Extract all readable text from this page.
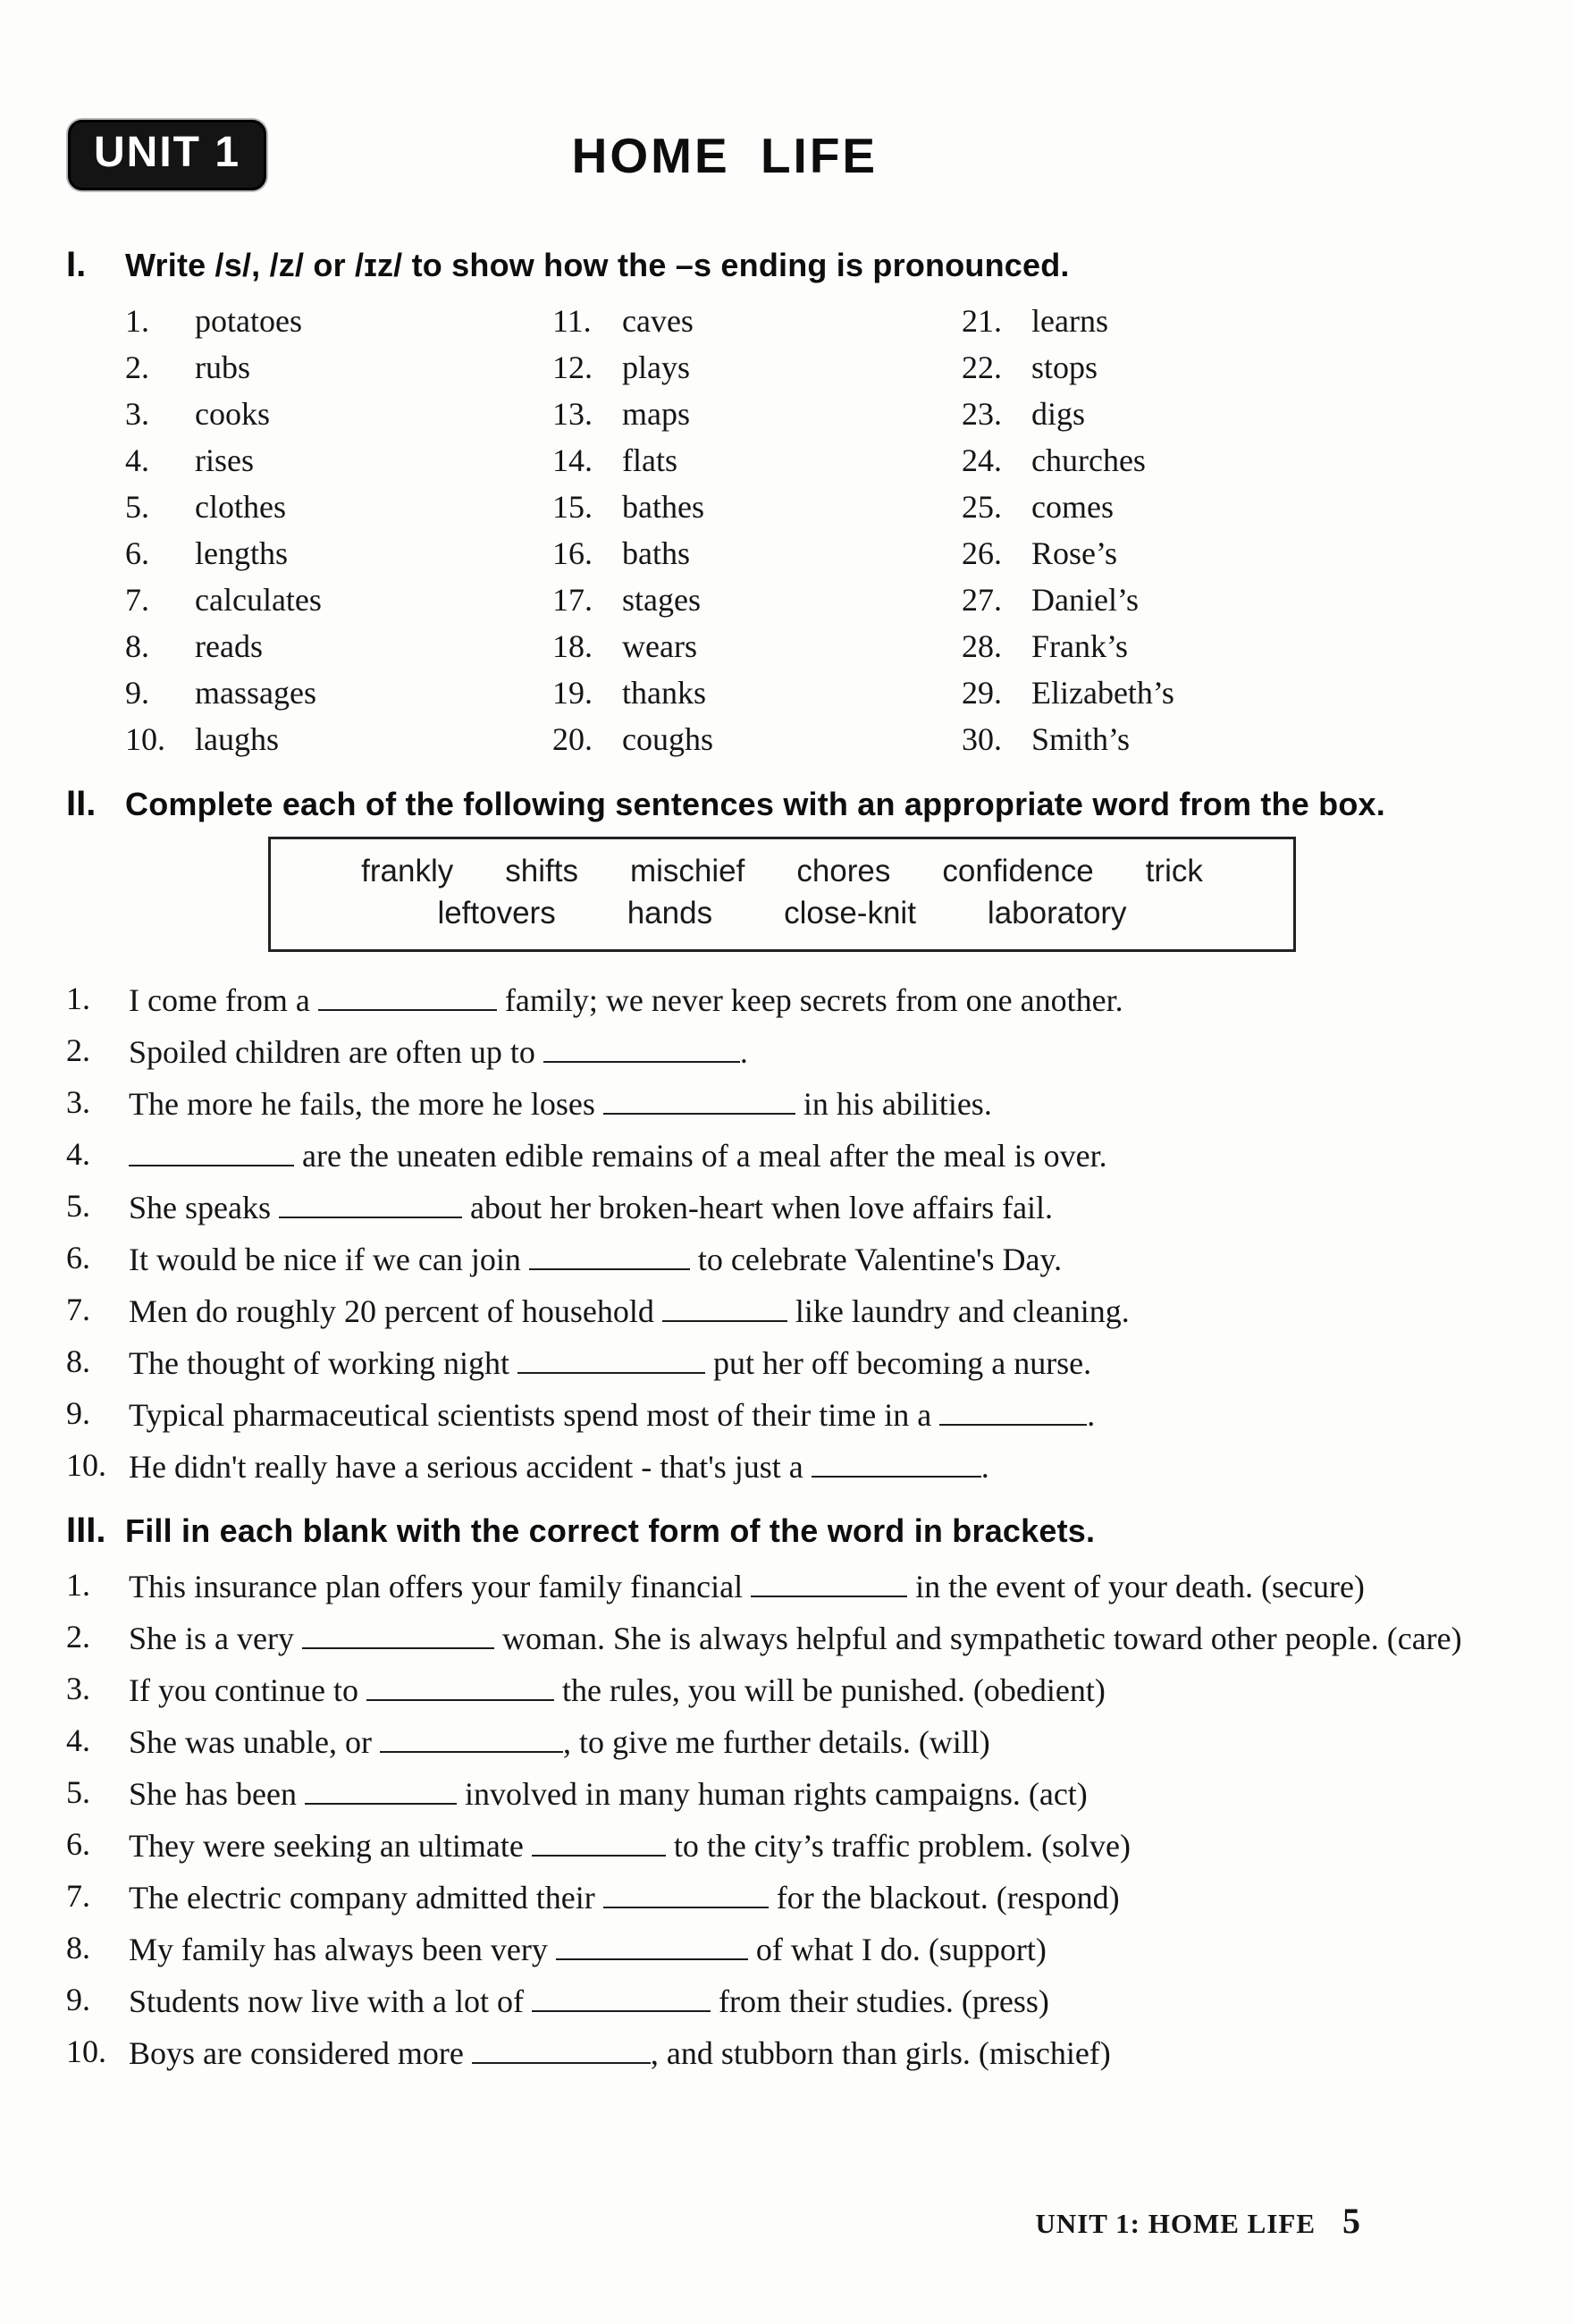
UNIT 1	HOME LIFE
I.	Write /s/, /z/ or /ɪz/ to show how the –s ending is pronounced.
1.	potatoes
2.	rubs
3.	cooks
4.	rises
5.	clothes
6.	lengths
7.	calculates
8.	reads
9.	massages
10. laughs
11. caves
12. plays
13. maps
14. flats
15. bathes
16. baths
17. stages
18. wears
19. thanks
20. coughs
21. learns
22. stops
23. digs
24. churches
25. comes
26. Rose’s
27. Daniel’s
28. Frank’s
29. Elizabeth’s
30. Smith’s
II. Complete each of the following sentences with an appropriate word from the box.
frankly shifts mischief chores confidence trick
leftovers hands close-knit laboratory
1.	I come from a	family; we never keep secrets from one another.
2.	Spoiled children are often up to	.
3.	The more he fails, the more he loses	in his abilities.
4.	are the uneaten edible remains of a meal after the meal is over.
5.	She speaks	about her broken-heart when love affairs fail.
6.	It would be nice if we can join	to celebrate Valentine's Day.
7.	Men do roughly 20 percent of household	like laundry and cleaning.
8.	The thought of working night	put her off becoming a nurse.
9.	Typical pharmaceutical scientists spend most of their time in a	.
10. He didn't really have a serious accident - that's just a	.
III. Fill in each blank with the correct form of the word in brackets.
1.	This insurance plan offers your family financial	in the event of your death. (secure)
2.	She is a very	woman. She is always helpful and sympathetic toward other people. (care)
3.	If you continue to	the rules, you will be punished. (obedient)
4.	She was unable, or	, to give me further details. (will)
5.	She has been	involved in many human rights campaigns. (act)
6.	They were seeking an ultimate	to the city’s traffic problem. (solve)
7.	The electric company admitted their	for the blackout. (respond)
8.	My family has always been very	of what I do. (support)
9.	Students now live with a lot of	from their studies. (press)
10. Boys are considered more	, and stubborn than girls. (mischief)
UNIT 1: HOME LIFE 5
